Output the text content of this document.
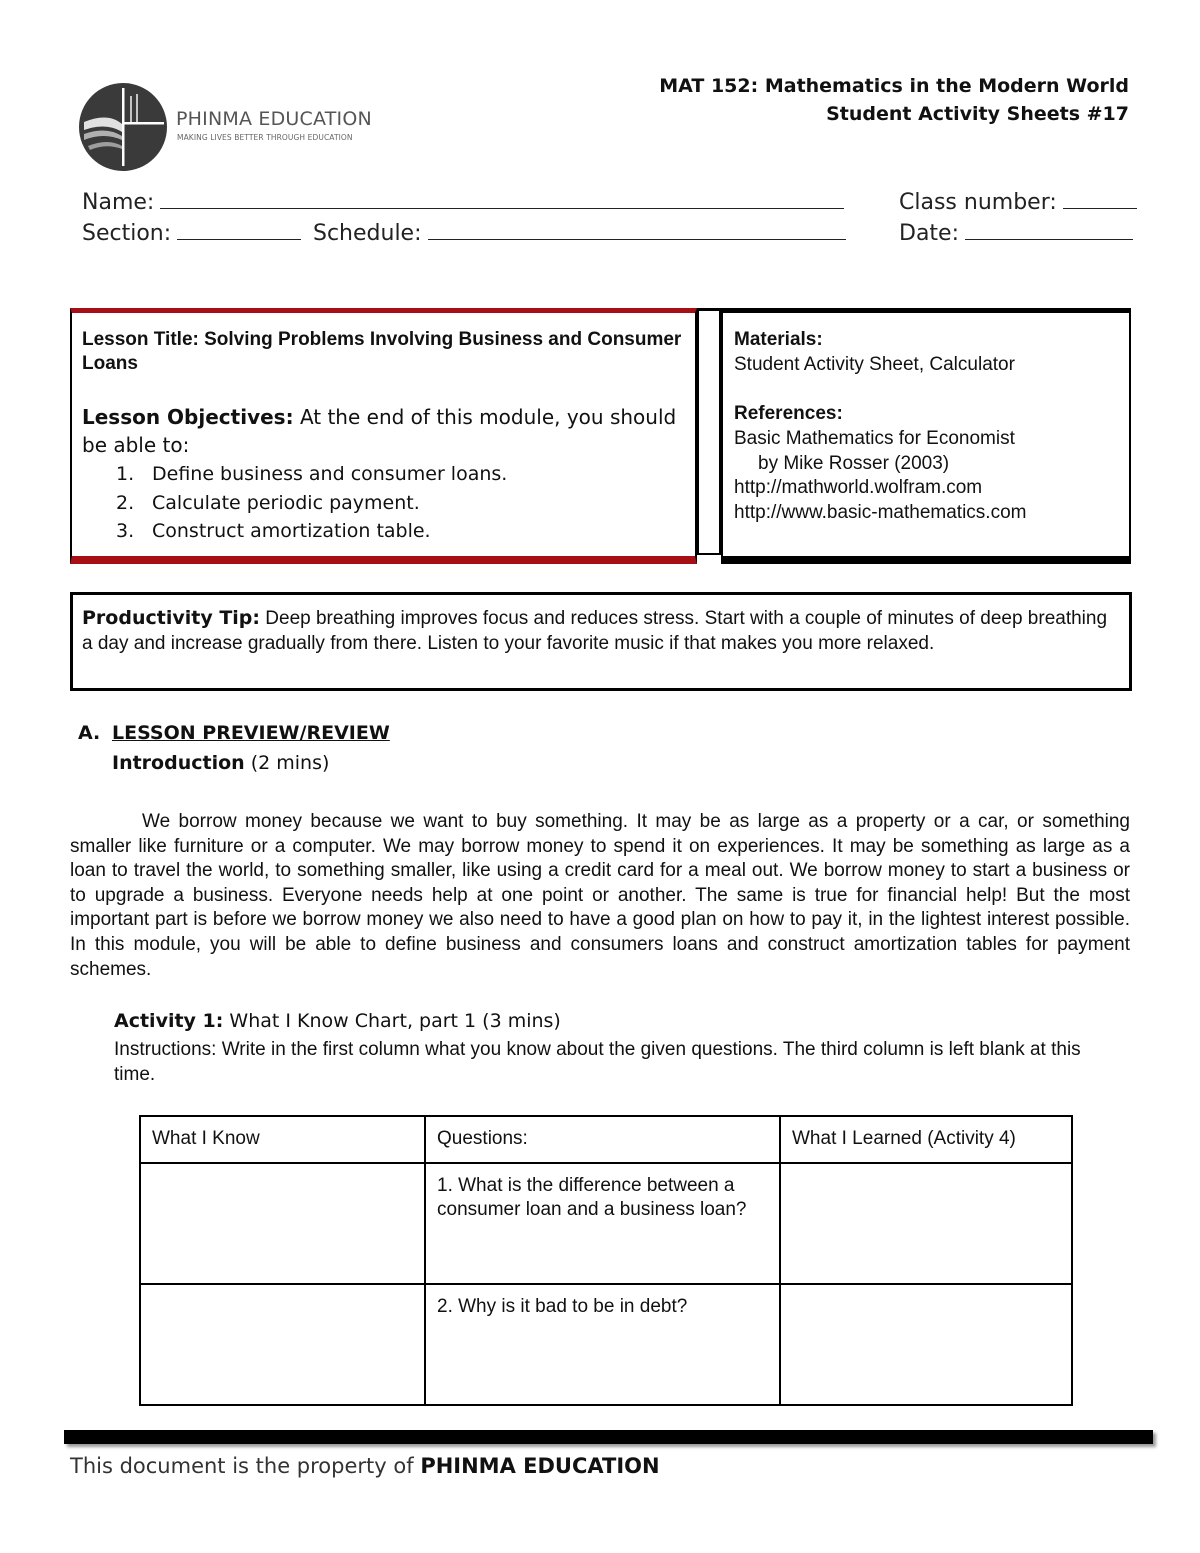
PHINMA EDUCATION
MAKING LIVES BETTER THROUGH EDUCATION
MAT 152: Mathematics in the Modern World
Student Activity Sheets #17
Name:	Class number:
Section:	Schedule:	Date:
Lesson Title: Solving Problems Involving Business and Consumer Loans
Lesson Objectives: At the end of this module, you should be able to:
1. Define business and consumer loans.
2. Calculate periodic payment.
3. Construct amortization table.
Materials:
Student Activity Sheet, Calculator
References:
Basic Mathematics for Economist
by Mike Rosser (2003)
http://mathworld.wolfram.com
http://www.basic-mathematics.com
Productivity Tip: Deep breathing improves focus and reduces stress. Start with a couple of minutes of deep breathing a day and increase gradually from there. Listen to your favorite music if that makes you more relaxed.
A. LESSON PREVIEW/REVIEW
Introduction (2 mins)
We borrow money because we want to buy something. It may be as large as a property or a car, or something smaller like furniture or a computer. We may borrow money to spend it on experiences. It may be something as large as a loan to travel the world, to something smaller, like using a credit card for a meal out. We borrow money to start a business or to upgrade a business. Everyone needs help at one point or another. The same is true for financial help! But the most important part is before we borrow money we also need to have a good plan on how to pay it, in the lightest interest possible. In this module, you will be able to define business and consumers loans and construct amortization tables for payment schemes.
Activity 1: What I Know Chart, part 1 (3 mins)
Instructions: Write in the first column what you know about the given questions. The third column is left blank at this time.
What I Know	Questions:	What I Learned (Activity 4)
	1. What is the difference between a consumer loan and a business loan?	
	2. Why is it bad to be in debt?	
This document is the property of PHINMA EDUCATION
